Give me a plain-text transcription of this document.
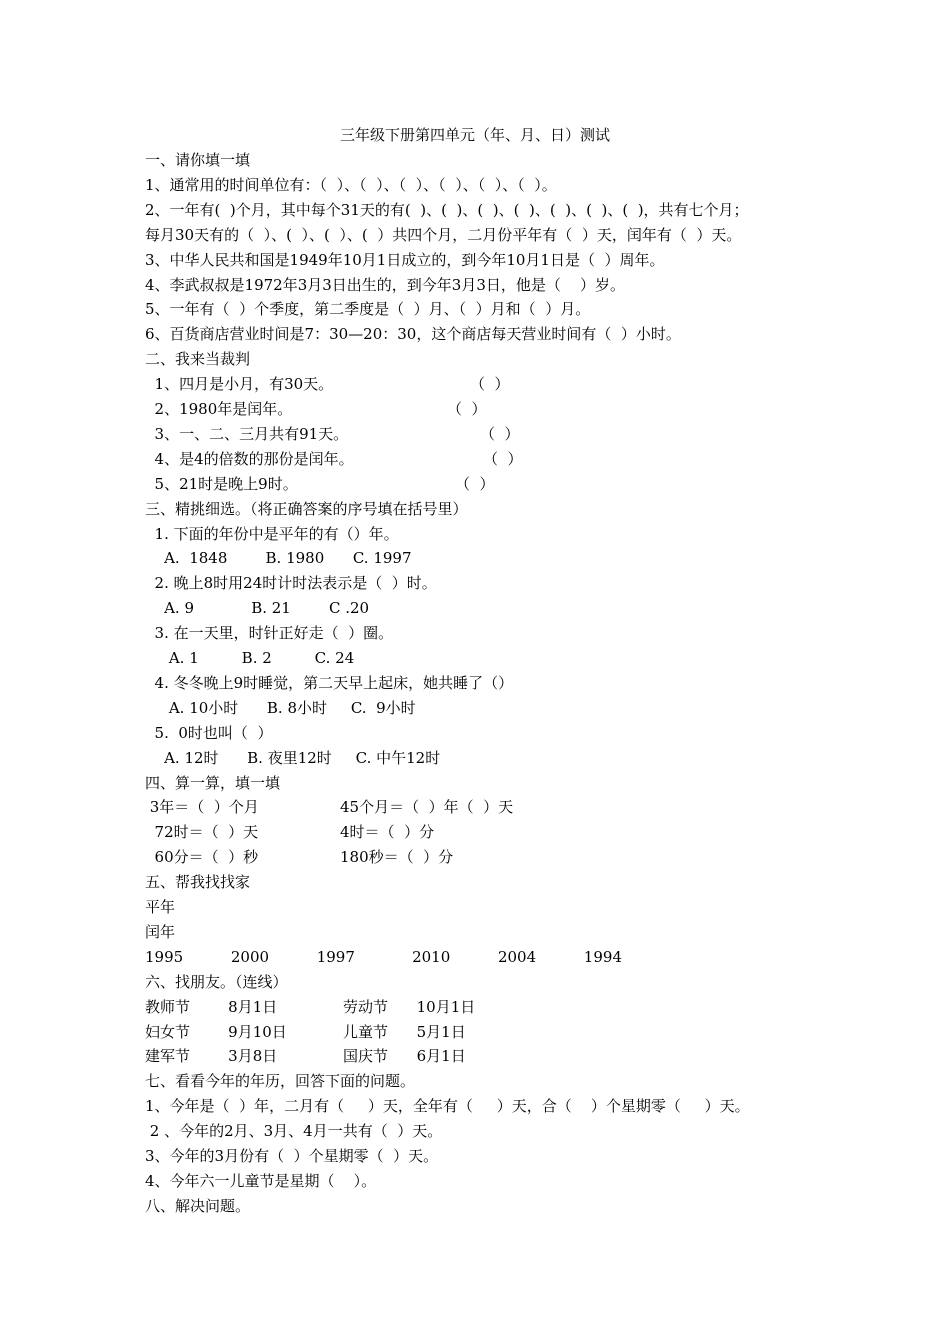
三年级下册第四单元（年、月、日）测试
一、请你填一填
1、通常用的时间单位有：（  ）、（  ）、（  ）、（  ）、（  ）、（  ）。
2、一年有(  )个月，其中每个31天的有(  )、(  )、(  )、(  )、(  )、(  )、(  )，共有七个月；
每月30天有的（  ）、(  ）、(  ）、(  ）共四个月，二月份平年有（  ）天，闰年有（  ）天。
3、中华人民共和国是1949年10月1日成立的，到今年10月1日是（  ）周年。
4、李武叔叔是1972年3月3日出生的，到今年3月3日，他是（    ）岁。
5、一年有（  ）个季度，第二季度是（  ）月、（  ）月和（  ）月。
6、百货商店营业时间是7：30—20：30，这个商店每天营业时间有（  ）小时。
二、我来当裁判
1、四月是小月，有30天。
2、1980年是闰年。
3、一、二、三月共有91天。
4、是4的倍数的那份是闰年。
5、21时是晚上9时。
三、精挑细选。（将正确答案的序号填在括号里）
1. 下面的年份中是平年的有（）年。
A.  1848        B. 1980      C. 1997
2. 晚上8时用24时计时法表示是（  ）时。
A. 9            B. 21        C .20
3. 在一天里，时针正好走（  ）圈。
A. 1         B. 2         C. 24
4. 冬冬晚上9时睡觉，第二天早上起床，她共睡了（）
A. 10小时      B. 8小时     C.  9小时
5.  0时也叫（  ）
A. 12时      B. 夜里12时     C. 中午12时
四、算一算，填一填
3年＝（  ）个月
72时＝（  ）天
60分＝（  ）秒
五、帮我找找家
平年
闰年
1995          2000          1997            2010          2004          1994
六、找朋友。（连线）
教师节        8月1日
妇女节        9月10日
建军节        3月8日
七、看看今年的年历，回答下面的问题。
1、今年是（  ）年，二月有（     ）天，全年有（     ）天，合（    ）个星期零（     ）天。
2 、今年的2月、3月、4月一共有（  ）天。
3、今年的3月份有（  ）个星期零（  ）天。
4、今年六一儿童节是星期（    ）。
八、解决问题。
（  ）
（  ）
（  ）
（  ）
（  ）
45个月＝（  ）年（  ）天
4时＝（  ）分
180秒＝（  ）分
劳动节      10月1日
儿童节      5月1日
国庆节      6月1日
